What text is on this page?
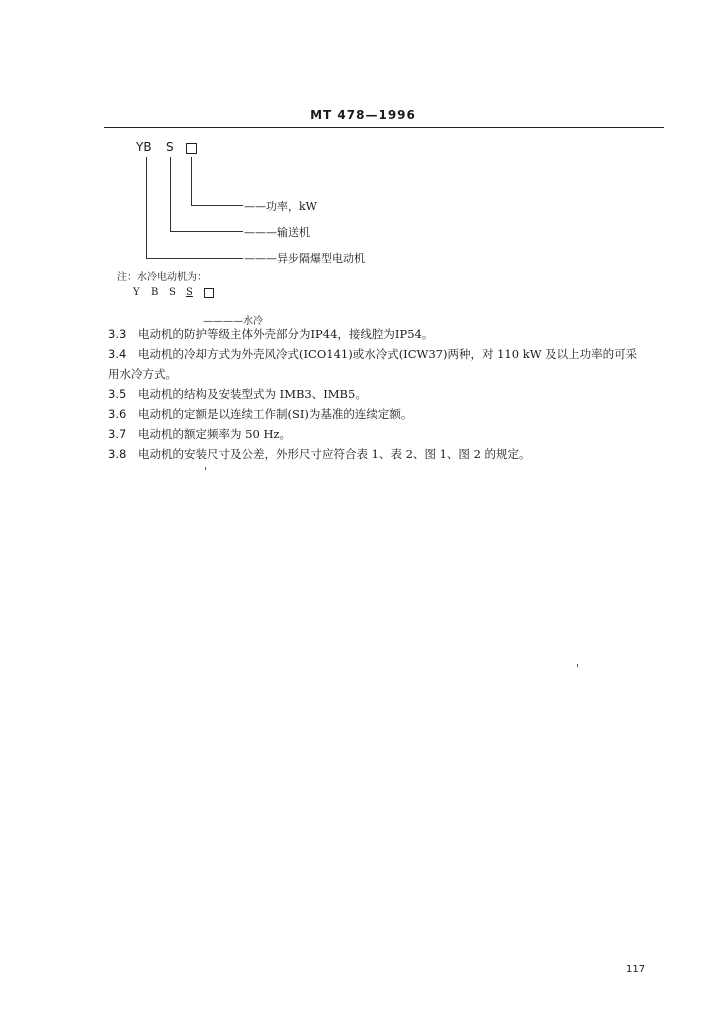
MT 478—1996
YB S
——功率，kW
———输送机
———异步隔爆型电动机
注：水冷电动机为：
Y B S S
————水冷
3.3 电动机的防护等级主体外壳部分为IP44，接线腔为IP54。
3.4 电动机的冷却方式为外壳风冷式(ICO141)或水冷式(ICW37)两种，对 110 kW 及以上功率的可采
用水冷方式。
3.5 电动机的结构及安装型式为 IMB3、IMB5。
3.6 电动机的定额是以连续工作制(SI)为基准的连续定额。
3.7 电动机的额定频率为 50 Hz。
3.8 电动机的安装尺寸及公差，外形尺寸应符合表 1、表 2、图 1、图 2 的规定。
117
